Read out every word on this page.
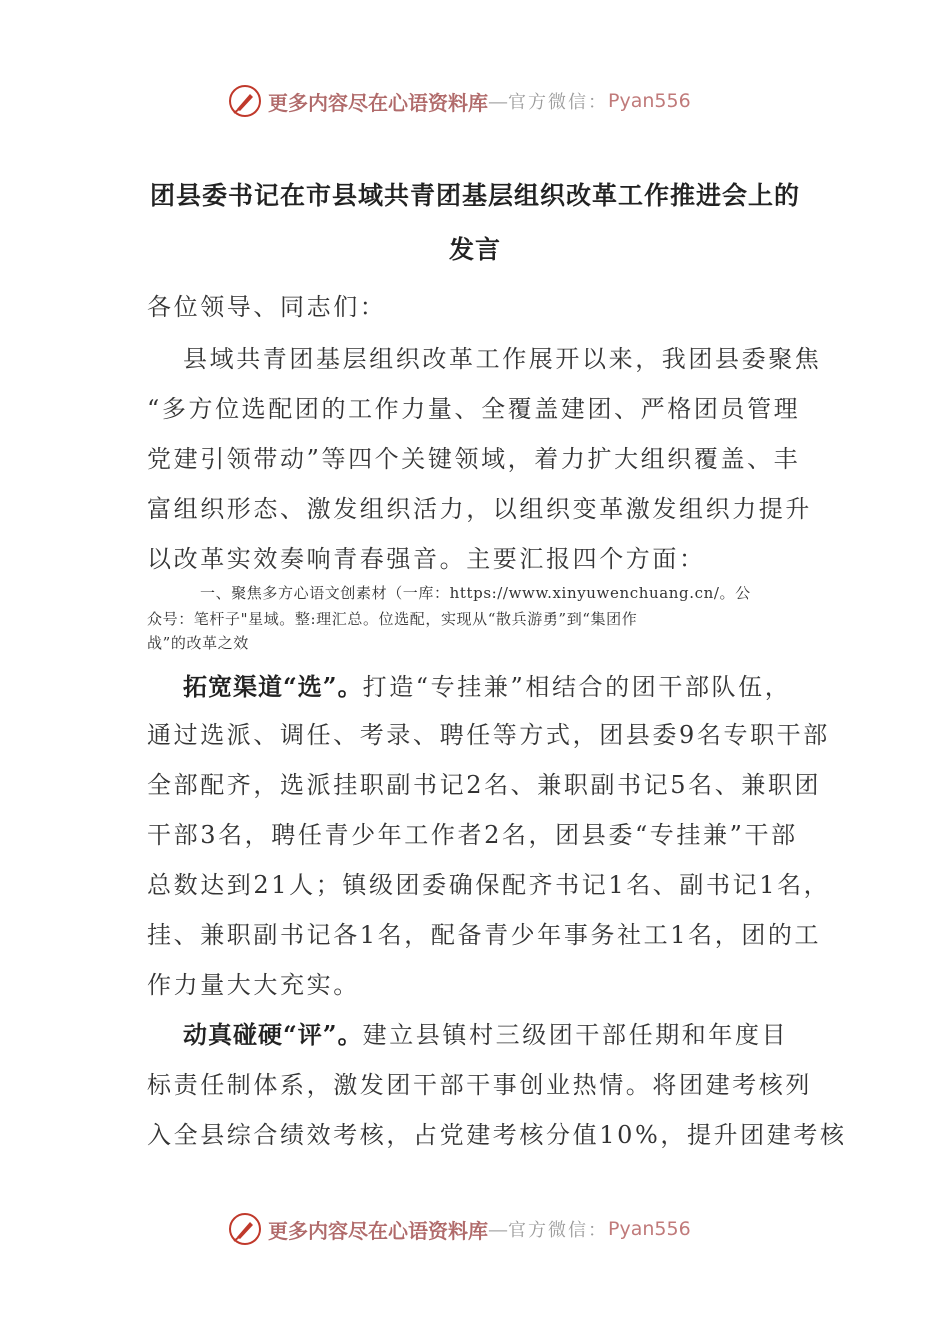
更多内容尽在心语资料库 — 官方微信： Pyan556
团县委书记在市县域共青团基层组织改革工作推进会上的
发言
各位领导、同志们：
县域共青团基层组织改革工作展开以来，我团县委聚焦
“多方位选配团的工作力量、全覆盖建团、严格团员管理
党建引领带动”等四个关键领域，着力扩大组织覆盖、丰
富组织形态、激发组织活力，以组织变革激发组织力提升
以改革实效奏响青春强音。主要汇报四个方面：
一、聚焦多方心语文创素材（一库：https://www.xinyuwenchuang.cn/。公
众号：笔杆子"星域。整:理汇总。位选配，实现从“散兵游勇”到“集团作
战”的改革之效
拓宽渠道“选”。打造“专挂兼”相结合的团干部队伍，
通过选派、调任、考录、聘任等方式，团县委9名专职干部
全部配齐，选派挂职副书记2名、兼职副书记5名、兼职团
干部3名，聘任青少年工作者2名，团县委“专挂兼”干部
总数达到21人；镇级团委确保配齐书记1名、副书记1名，
挂、兼职副书记各1名，配备青少年事务社工1名，团的工
作力量大大充实。
动真碰硬“评”。建立县镇村三级团干部任期和年度目
标责任制体系，激发团干部干事创业热情。将团建考核列
入全县综合绩效考核，占党建考核分值10%，提升团建考核
更多内容尽在心语资料库 — 官方微信： Pyan556
